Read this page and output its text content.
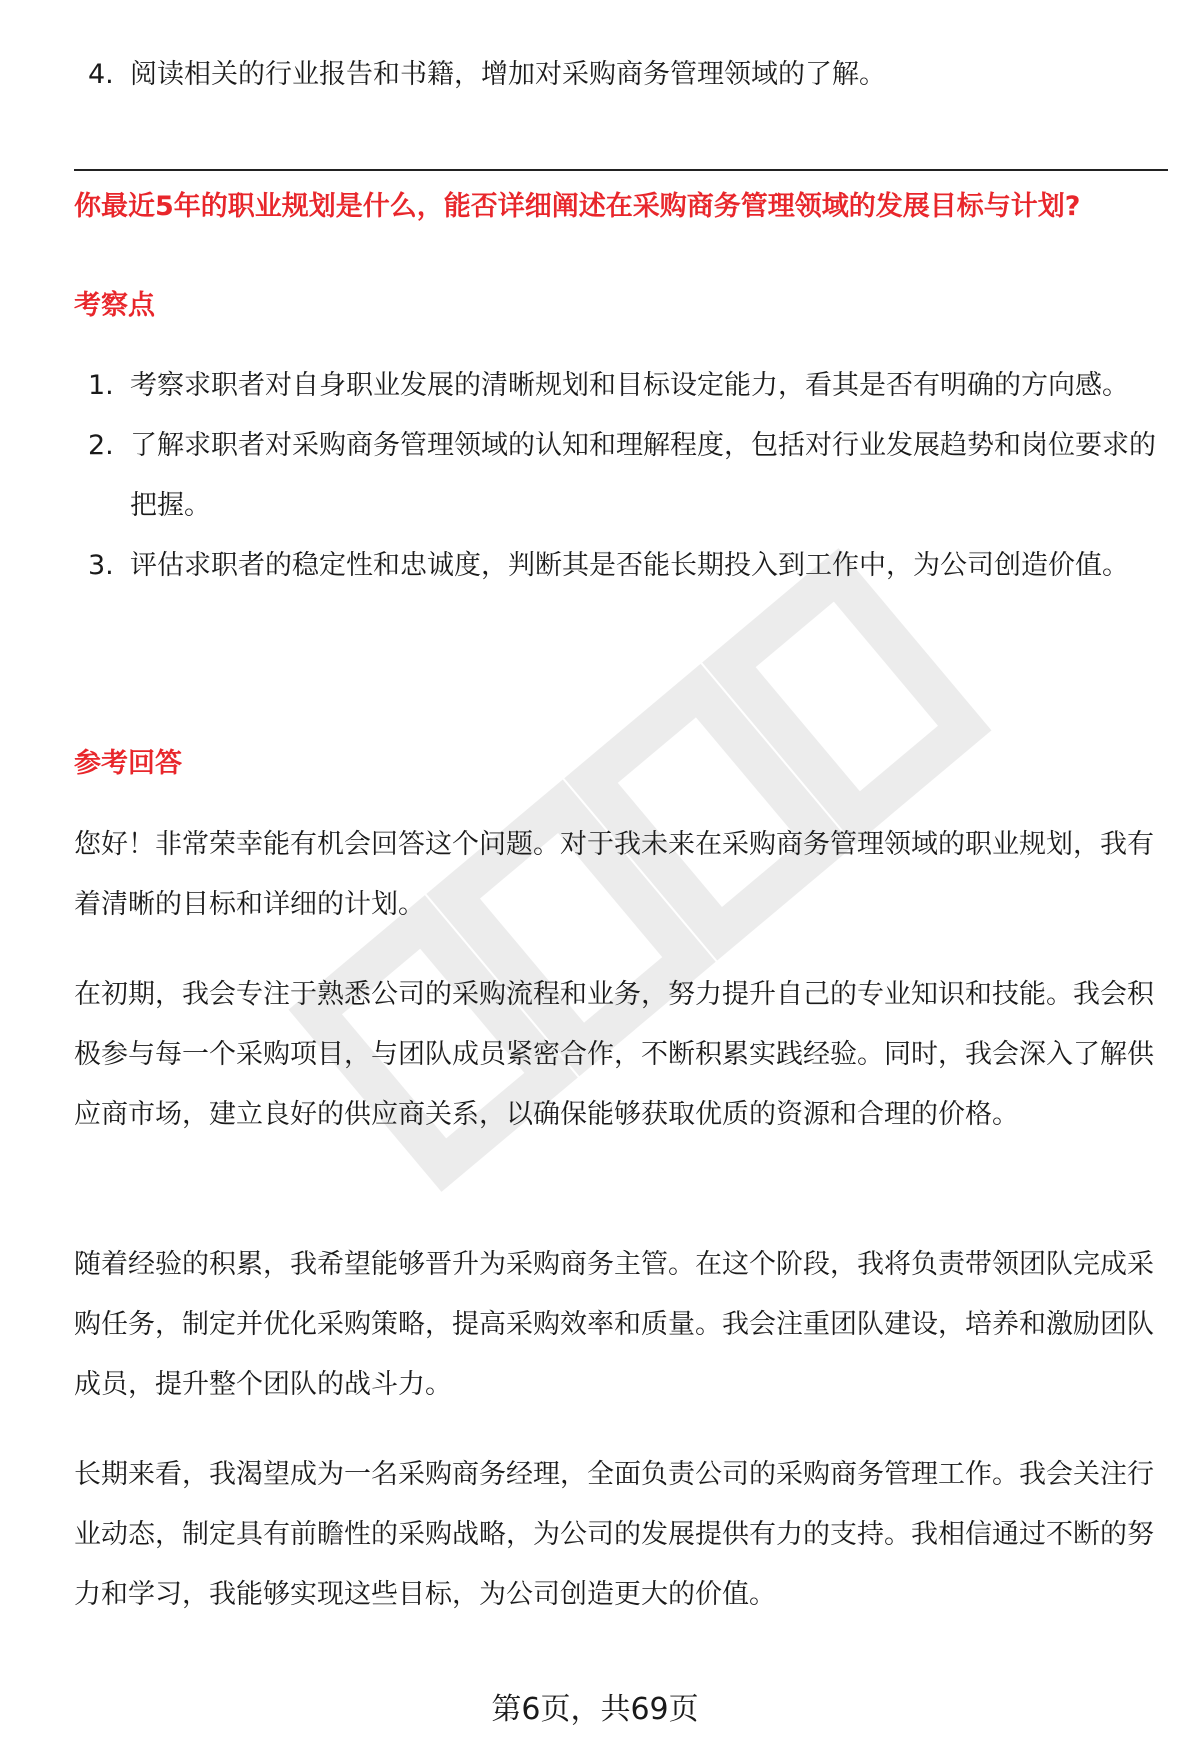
4. 阅读相关的行业报告和书籍，增加对采购商务管理领域的了解。

你最近5年的职业规划是什么，能否详细阐述在采购商务管理领域的发展目标与计划?

考察点

1. 考察求职者对自身职业发展的清晰规划和目标设定能力，看其是否有明确的方向感。
2. 了解求职者对采购商务管理领域的认知和理解程度，包括对行业发展趋势和岗位要求的把握。
3. 评估求职者的稳定性和忠诚度，判断其是否能长期投入到工作中，为公司创造价值。

参考回答

您好！非常荣幸能有机会回答这个问题。对于我未来在采购商务管理领域的职业规划，我有着清晰的目标和详细的计划。

在初期，我会专注于熟悉公司的采购流程和业务，努力提升自己的专业知识和技能。我会积极参与每一个采购项目，与团队成员紧密合作，不断积累实践经验。同时，我会深入了解供应商市场，建立良好的供应商关系，以确保能够获取优质的资源和合理的价格。

随着经验的积累，我希望能够晋升为采购商务主管。在这个阶段，我将负责带领团队完成采购任务，制定并优化采购策略，提高采购效率和质量。我会注重团队建设，培养和激励团队成员，提升整个团队的战斗力。

长期来看，我渴望成为一名采购商务经理，全面负责公司的采购商务管理工作。我会关注行业动态，制定具有前瞻性的采购战略，为公司的发展提供有力的支持。我相信通过不断的努力和学习，我能够实现这些目标，为公司创造更大的价值。

第6页，共69页
